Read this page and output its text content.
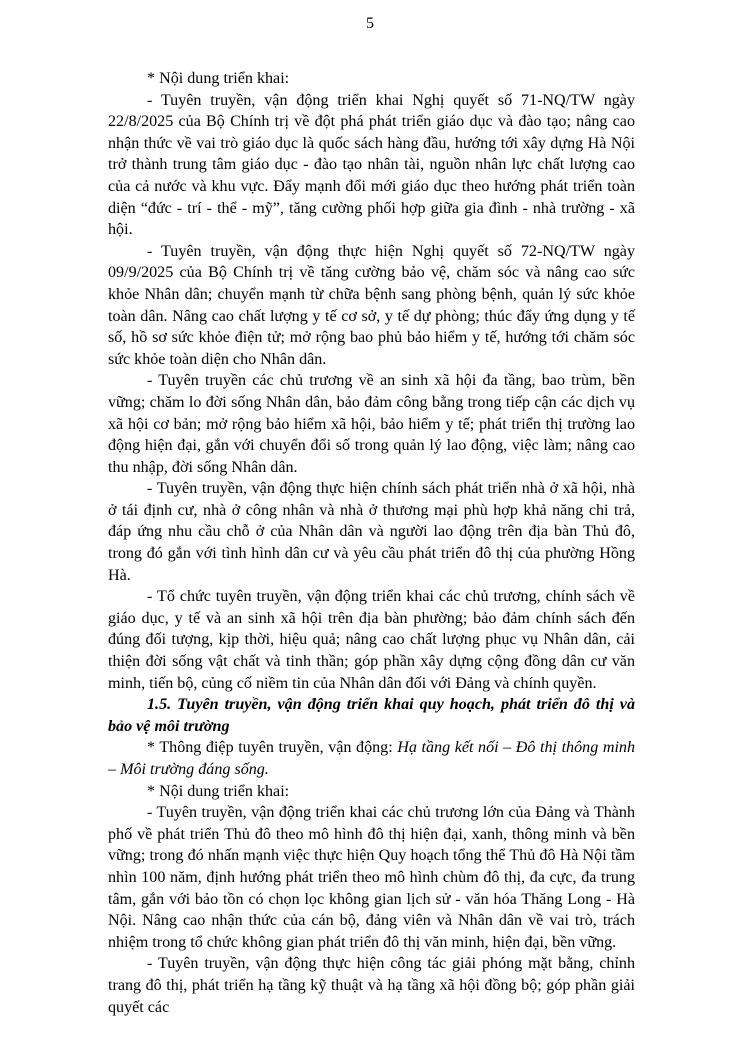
5

* Nội dung triển khai:

- Tuyên truyền, vận động triển khai Nghị quyết số 71-NQ/TW ngày 22/8/2025 của Bộ Chính trị về đột phá phát triển giáo dục và đào tạo; nâng cao nhận thức về vai trò giáo dục là quốc sách hàng đầu, hướng tới xây dựng Hà Nội trở thành trung tâm giáo dục - đào tạo nhân tài, nguồn nhân lực chất lượng cao của cả nước và khu vực. Đẩy mạnh đổi mới giáo dục theo hướng phát triển toàn diện “đức - trí - thể - mỹ”, tăng cường phối hợp giữa gia đình - nhà trường - xã hội.

- Tuyên truyền, vận động thực hiện Nghị quyết số 72-NQ/TW ngày 09/9/2025 của Bộ Chính trị về tăng cường bảo vệ, chăm sóc và nâng cao sức khỏe Nhân dân; chuyển mạnh từ chữa bệnh sang phòng bệnh, quản lý sức khỏe toàn dân. Nâng cao chất lượng y tế cơ sở, y tế dự phòng; thúc đẩy ứng dụng y tế số, hồ sơ sức khỏe điện tử; mở rộng bao phủ bảo hiểm y tế, hướng tới chăm sóc sức khỏe toàn diện cho Nhân dân.

- Tuyên truyền các chủ trương về an sinh xã hội đa tầng, bao trùm, bền vững; chăm lo đời sống Nhân dân, bảo đảm công bằng trong tiếp cận các dịch vụ xã hội cơ bản; mở rộng bảo hiểm xã hội, bảo hiểm y tế; phát triển thị trường lao động hiện đại, gắn với chuyển đổi số trong quản lý lao động, việc làm; nâng cao thu nhập, đời sống Nhân dân.

- Tuyên truyền, vận động thực hiện chính sách phát triển nhà ở xã hội, nhà ở tái định cư, nhà ở công nhân và nhà ở thương mại phù hợp khả năng chi trả, đáp ứng nhu cầu chỗ ở của Nhân dân và người lao động trên địa bàn Thủ đô, trong đó gắn với tình hình dân cư và yêu cầu phát triển đô thị của phường Hồng Hà.

- Tổ chức tuyên truyền, vận động triển khai các chủ trương, chính sách về giáo dục, y tế và an sinh xã hội trên địa bàn phường; bảo đảm chính sách đến đúng đối tượng, kịp thời, hiệu quả; nâng cao chất lượng phục vụ Nhân dân, cải thiện đời sống vật chất và tinh thần; góp phần xây dựng cộng đồng dân cư văn minh, tiến bộ, củng cố niềm tin của Nhân dân đối với Đảng và chính quyền.

1.5. Tuyên truyền, vận động triển khai quy hoạch, phát triển đô thị và bảo vệ môi trường

* Thông điệp tuyên truyền, vận động: Hạ tầng kết nối – Đô thị thông minh – Môi trường đáng sống.

* Nội dung triển khai:

- Tuyên truyền, vận động triển khai các chủ trương lớn của Đảng và Thành phố về phát triển Thủ đô theo mô hình đô thị hiện đại, xanh, thông minh và bền vững; trong đó nhấn mạnh việc thực hiện Quy hoạch tổng thể Thủ đô Hà Nội tầm nhìn 100 năm, định hướng phát triển theo mô hình chùm đô thị, đa cực, đa trung tâm, gắn với bảo tồn có chọn lọc không gian lịch sử - văn hóa Thăng Long - Hà Nội. Nâng cao nhận thức của cán bộ, đảng viên và Nhân dân về vai trò, trách nhiệm trong tổ chức không gian phát triển đô thị văn minh, hiện đại, bền vững.

- Tuyên truyền, vận động thực hiện công tác giải phóng mặt bằng, chỉnh trang đô thị, phát triển hạ tầng kỹ thuật và hạ tầng xã hội đồng bộ; góp phần giải quyết các
